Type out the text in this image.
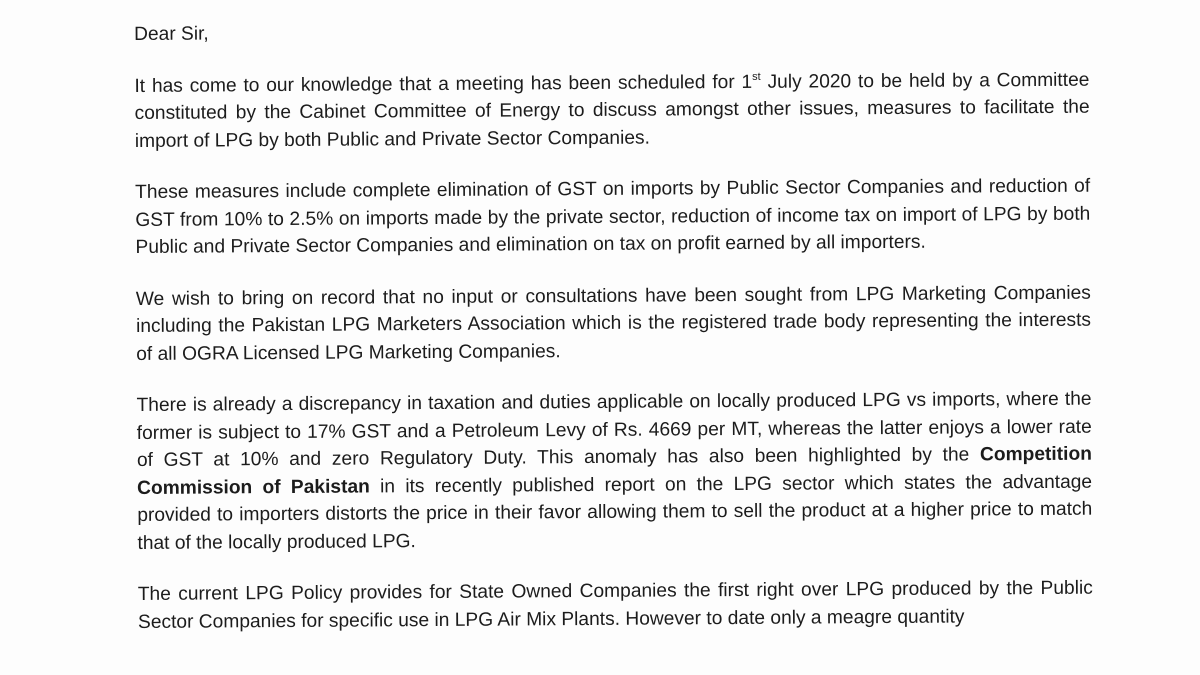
Dear Sir,
It has come to our knowledge that a meeting has been scheduled for 1st July 2020 to be held by a Committee constituted by the Cabinet Committee of Energy to discuss amongst other issues, measures to facilitate the import of LPG by both Public and Private Sector Companies.
These measures include complete elimination of GST on imports by Public Sector Companies and reduction of GST from 10% to 2.5% on imports made by the private sector, reduction of income tax on import of LPG by both Public and Private Sector Companies and elimination on tax on profit earned by all importers.
We wish to bring on record that no input or consultations have been sought from LPG Marketing Companies including the Pakistan LPG Marketers Association which is the registered trade body representing the interests of all OGRA Licensed LPG Marketing Companies.
There is already a discrepancy in taxation and duties applicable on locally produced LPG vs imports, where the former is subject to 17% GST and a Petroleum Levy of Rs. 4669 per MT, whereas the latter enjoys a lower rate of GST at 10% and zero Regulatory Duty. This anomaly has also been highlighted by the Competition Commission of Pakistan in its recently published report on the LPG sector which states the advantage provided to importers distorts the price in their favor allowing them to sell the product at a higher price to match that of the locally produced LPG.
The current LPG Policy provides for State Owned Companies the first right over LPG produced by the Public Sector Companies for specific use in LPG Air Mix Plants. However to date only a meagre quantity
